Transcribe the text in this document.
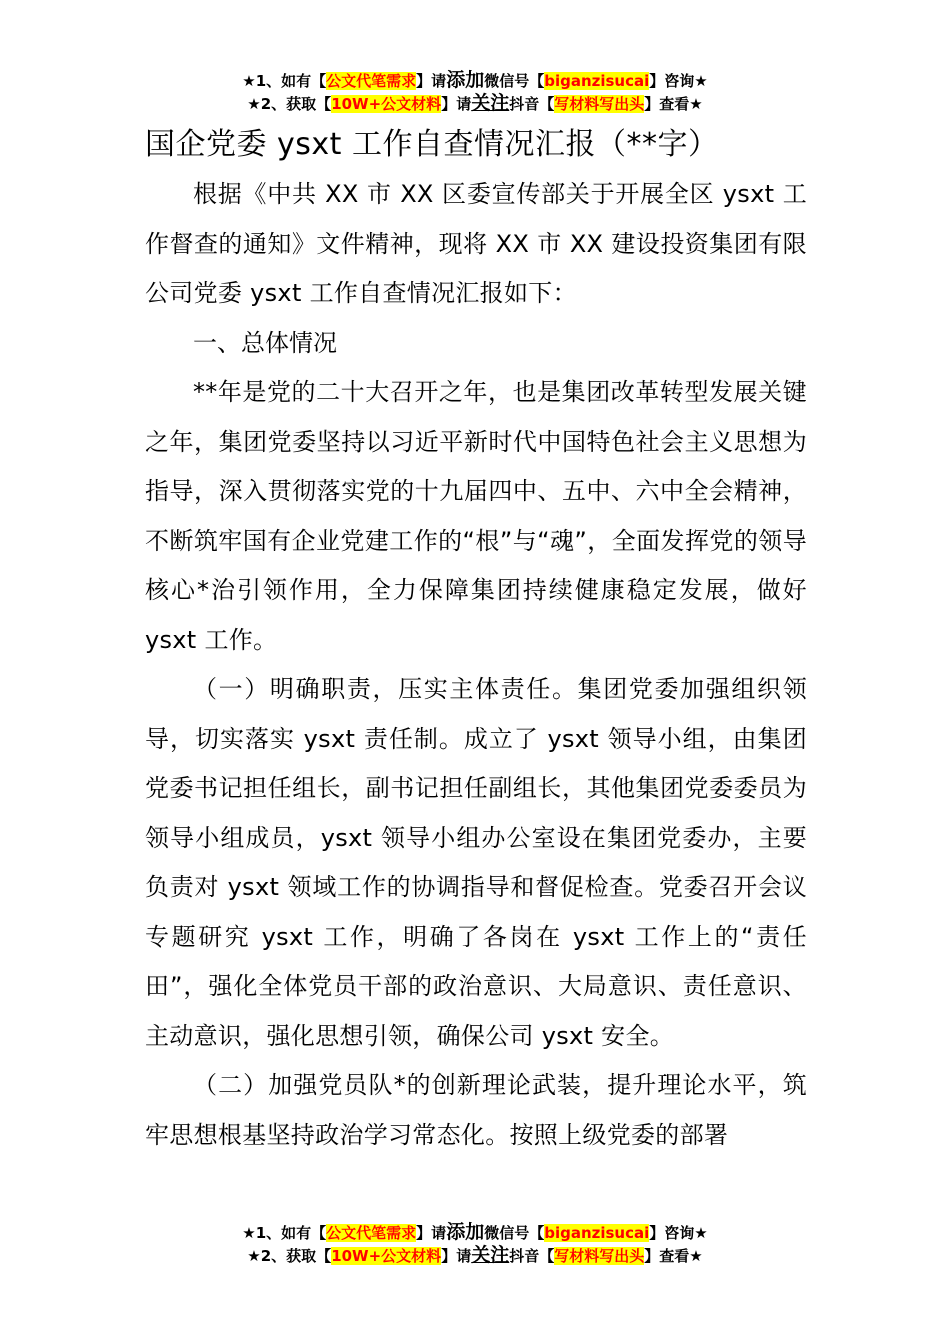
★1、如有【公文代笔需求】请添加微信号【biganzisucai】咨询★
★2、获取【10W+公文材料】请关注抖音【写材料写出头】查看★
国企党委 ysxt 工作自查情况汇报（**字）

根据《中共 XX 市 XX 区委宣传部关于开展全区 ysxt 工作督查的通知》文件精神，现将 XX 市 XX 建设投资集团有限公司党委 ysxt 工作自查情况汇报如下：

一、总体情况

**年是党的二十大召开之年，也是集团改革转型发展关键之年，集团党委坚持以习近平新时代中国特色社会主义思想为指导，深入贯彻落实党的十九届四中、五中、六中全会精神，不断筑牢国有企业党建工作的“根”与“魂”，全面发挥党的领导核心*治引领作用，全力保障集团持续健康稳定发展，做好 ysxt 工作。

（一）明确职责，压实主体责任。集团党委加强组织领导，切实落实 ysxt 责任制。成立了 ysxt 领导小组，由集团党委书记担任组长，副书记担任副组长，其他集团党委委员为领导小组成员，ysxt 领导小组办公室设在集团党委办，主要负责对 ysxt 领域工作的协调指导和督促检查。党委召开会议专题研究 ysxt 工作，明确了各岗在 ysxt 工作上的“责任田”，强化全体党员干部的政治意识、大局意识、责任意识、主动意识，强化思想引领，确保公司 ysxt 安全。

（二）加强党员队*的创新理论武装，提升理论水平，筑牢思想根基坚持政治学习常态化。按照上级党委的部署

★1、如有【公文代笔需求】请添加微信号【biganzisucai】咨询★
★2、获取【10W+公文材料】请关注抖音【写材料写出头】查看★
